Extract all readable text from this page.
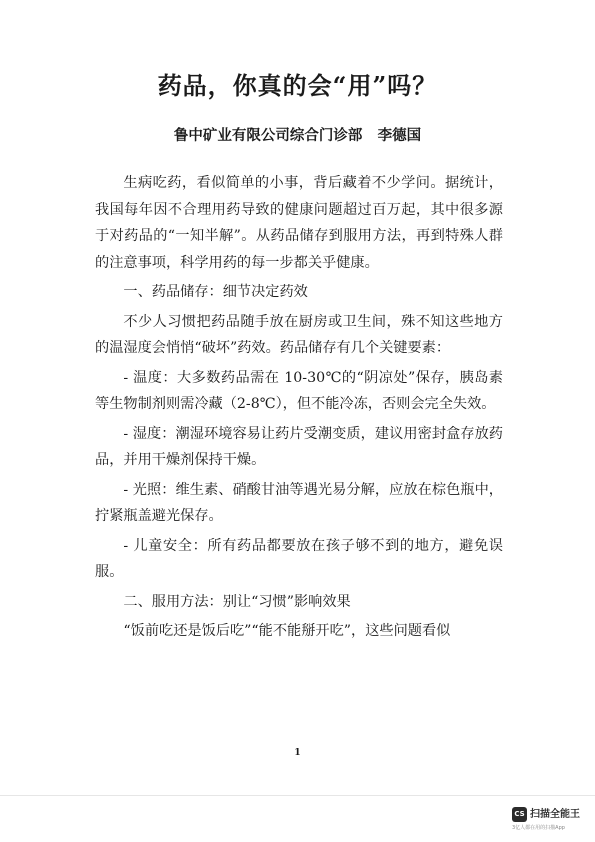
药品，你真的会“用”吗？
鲁中矿业有限公司综合门诊部   李德国

生病吃药，看似简单的小事，背后藏着不少学问。据统计，我国每年因不合理用药导致的健康问题超过百万起，其中很多源于对药品的“一知半解”。从药品储存到服用方法，再到特殊人群的注意事项，科学用药的每一步都关乎健康。

一、药品储存：细节决定药效

不少人习惯把药品随手放在厨房或卫生间，殊不知这些地方的温湿度会悄悄“破坏”药效。药品储存有几个关键要素：

- 温度：大多数药品需在 10-30℃的“阴凉处”保存，胰岛素等生物制剂则需冷藏（2-8℃），但不能冷冻，否则会完全失效。

- 湿度：潮湿环境容易让药片受潮变质，建议用密封盒存放药品，并用干燥剂保持干燥。

- 光照：维生素、硝酸甘油等遇光易分解，应放在棕色瓶中，拧紧瓶盖避光保存。

- 儿童安全：所有药品都要放在孩子够不到的地方，避免误服。

二、服用方法：别让“习惯”影响效果

“饭前吃还是饭后吃”“能不能掰开吃”，这些问题看似

1
CS 扫描全能王
3亿人都在用的扫描App
